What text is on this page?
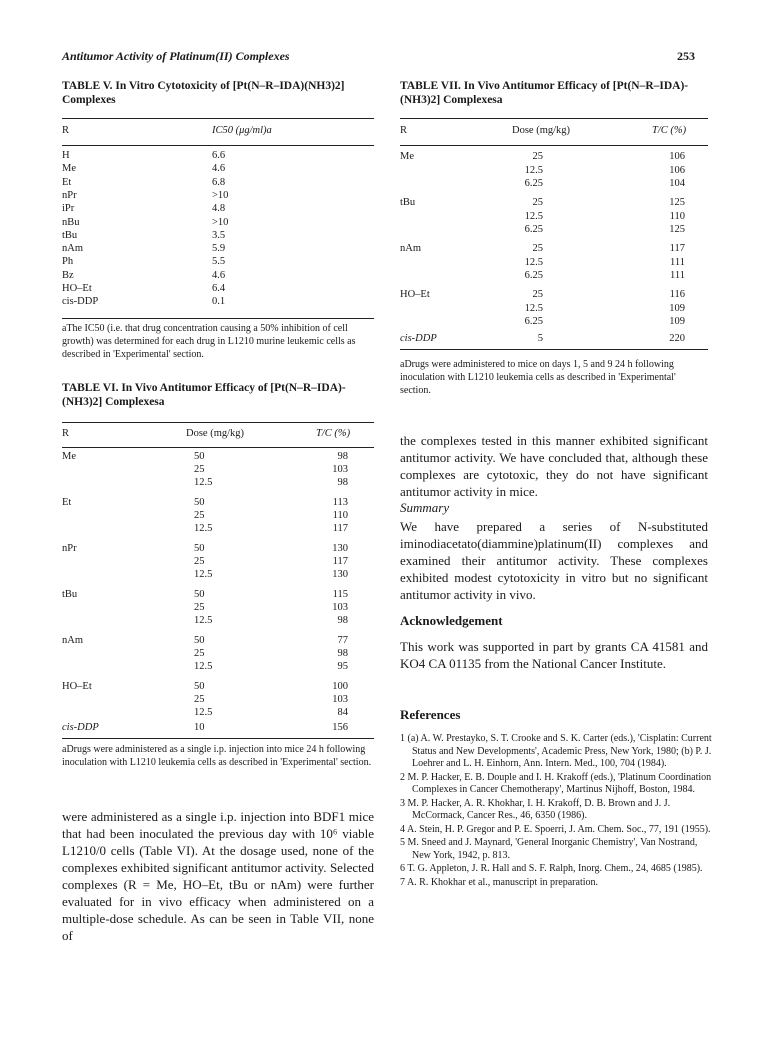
Antitumor Activity of Platinum(II) Complexes	253
TABLE V. In Vitro Cytotoxicity of [Pt(N–R–IDA)(NH3)2] Complexes
R	IC50 (μg/ml)a
H	6.6
Me	4.6
Et	6.8
nPr	>10
iPr	4.8
nBu	>10
tBu	3.5
nAm	5.9
Ph	5.5
Bz	4.6
HO–Et	6.4
cis-DDP	0.1
aThe IC50 (i.e. that drug concentration causing a 50% inhibition of cell growth) was determined for each drug in L1210 murine leukemic cells as described in 'Experimental' section.
TABLE VI. In Vivo Antitumor Efficacy of [Pt(N–R–IDA)-(NH3)2] Complexesa
R	Dose (mg/kg)	T/C (%)
Me	50	98
25	103
12.5	98
Et	50	113
25	110
12.5	117
nPr	50	130
25	117
12.5	130
tBu	50	115
25	103
12.5	98
nAm	50	77
25	98
12.5	95
HO–Et	50	100
25	103
12.5	84
cis-DDP	10	156
aDrugs were administered as a single i.p. injection into mice 24 h following inoculation with L1210 leukemia cells as described in 'Experimental' section.
were administered as a single i.p. injection into BDF1 mice that had been inoculated the previous day with 10⁶ viable L1210/0 cells (Table VI). At the dosage used, none of the complexes exhibited significant antitumor activity. Selected complexes (R = Me, HO–Et, tBu or nAm) were further evaluated for in vivo efficacy when administered on a multiple-dose schedule. As can be seen in Table VII, none of
TABLE VII. In Vivo Antitumor Efficacy of [Pt(N–R–IDA)-(NH3)2] Complexesa
R	Dose (mg/kg)	T/C (%)
Me	25	106
12.5	106
6.25	104
tBu	25	125
12.5	110
6.25	125
nAm	25	117
12.5	111
6.25	111
HO–Et	25	116
12.5	109
6.25	109
cis-DDP	5	220
aDrugs were administered to mice on days 1, 5 and 9 24 h following inoculation with L1210 leukemia cells as described in 'Experimental' section.
the complexes tested in this manner exhibited significant antitumor activity. We have concluded that, although these complexes are cytotoxic, they do not have significant antitumor activity in mice.
Summary
We have prepared a series of N-substituted iminodiacetato(diammine)platinum(II) complexes and examined their antitumor activity. These complexes exhibited modest cytotoxicity in vitro but no significant antitumor activity in vivo.
Acknowledgement
This work was supported in part by grants CA 41581 and KO4 CA 01135 from the National Cancer Institute.
References
1 (a) A. W. Prestayko, S. T. Crooke and S. K. Carter (eds.), 'Cisplatin: Current Status and New Developments', Academic Press, New York, 1980; (b) P. J. Loehrer and L. H. Einhorn, Ann. Intern. Med., 100, 704 (1984).
2 M. P. Hacker, E. B. Douple and I. H. Krakoff (eds.), 'Platinum Coordination Complexes in Cancer Chemotherapy', Martinus Nijhoff, Boston, 1984.
3 M. P. Hacker, A. R. Khokhar, I. H. Krakoff, D. B. Brown and J. J. McCormack, Cancer Res., 46, 6350 (1986).
4 A. Stein, H. P. Gregor and P. E. Spoerri, J. Am. Chem. Soc., 77, 191 (1955).
5 M. Sneed and J. Maynard, 'General Inorganic Chemistry', Van Nostrand, New York, 1942, p. 813.
6 T. G. Appleton, J. R. Hall and S. F. Ralph, Inorg. Chem., 24, 4685 (1985).
7 A. R. Khokhar et al., manuscript in preparation.
